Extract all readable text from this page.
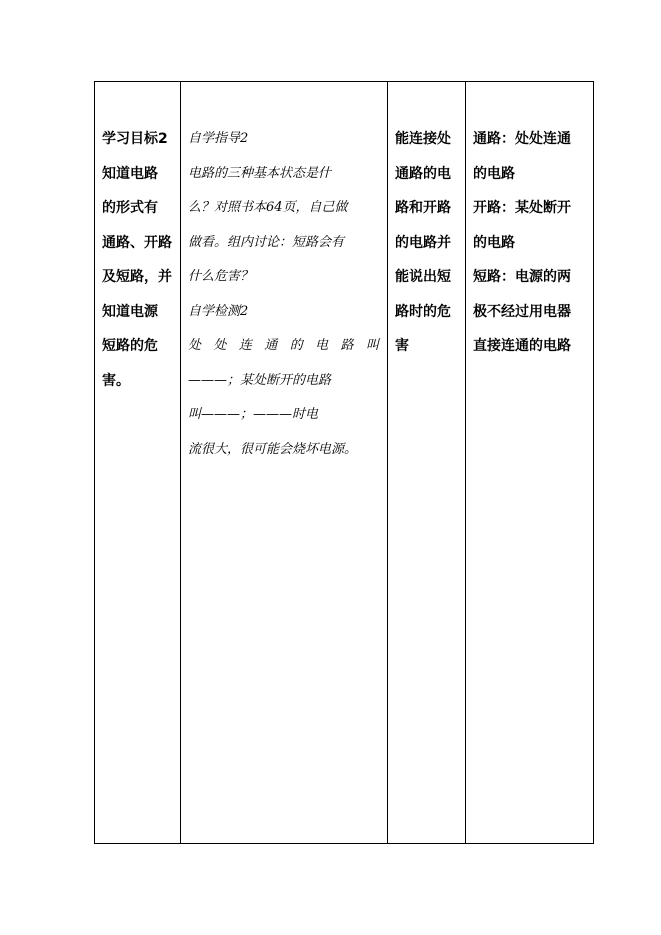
学习目标2
知道电路
的形式有
通路、开路
及短路，并
知道电源
短路的危
害。

自学指导2
电路的三种基本状态是什
么？对照书本64页，自己做
做看。组内讨论：短路会有
什么危害？
自学检测2
处处连通的电路叫
———；某处断开的电路
叫———；———时电
流很大，很可能会烧坏电源。

能连接处
通路的电
路和开路
的电路并
能说出短
路时的危
害

通路：处处连通
的电路
开路：某处断开
的电路
短路：电源的两
极不经过用电器
直接连通的电路
